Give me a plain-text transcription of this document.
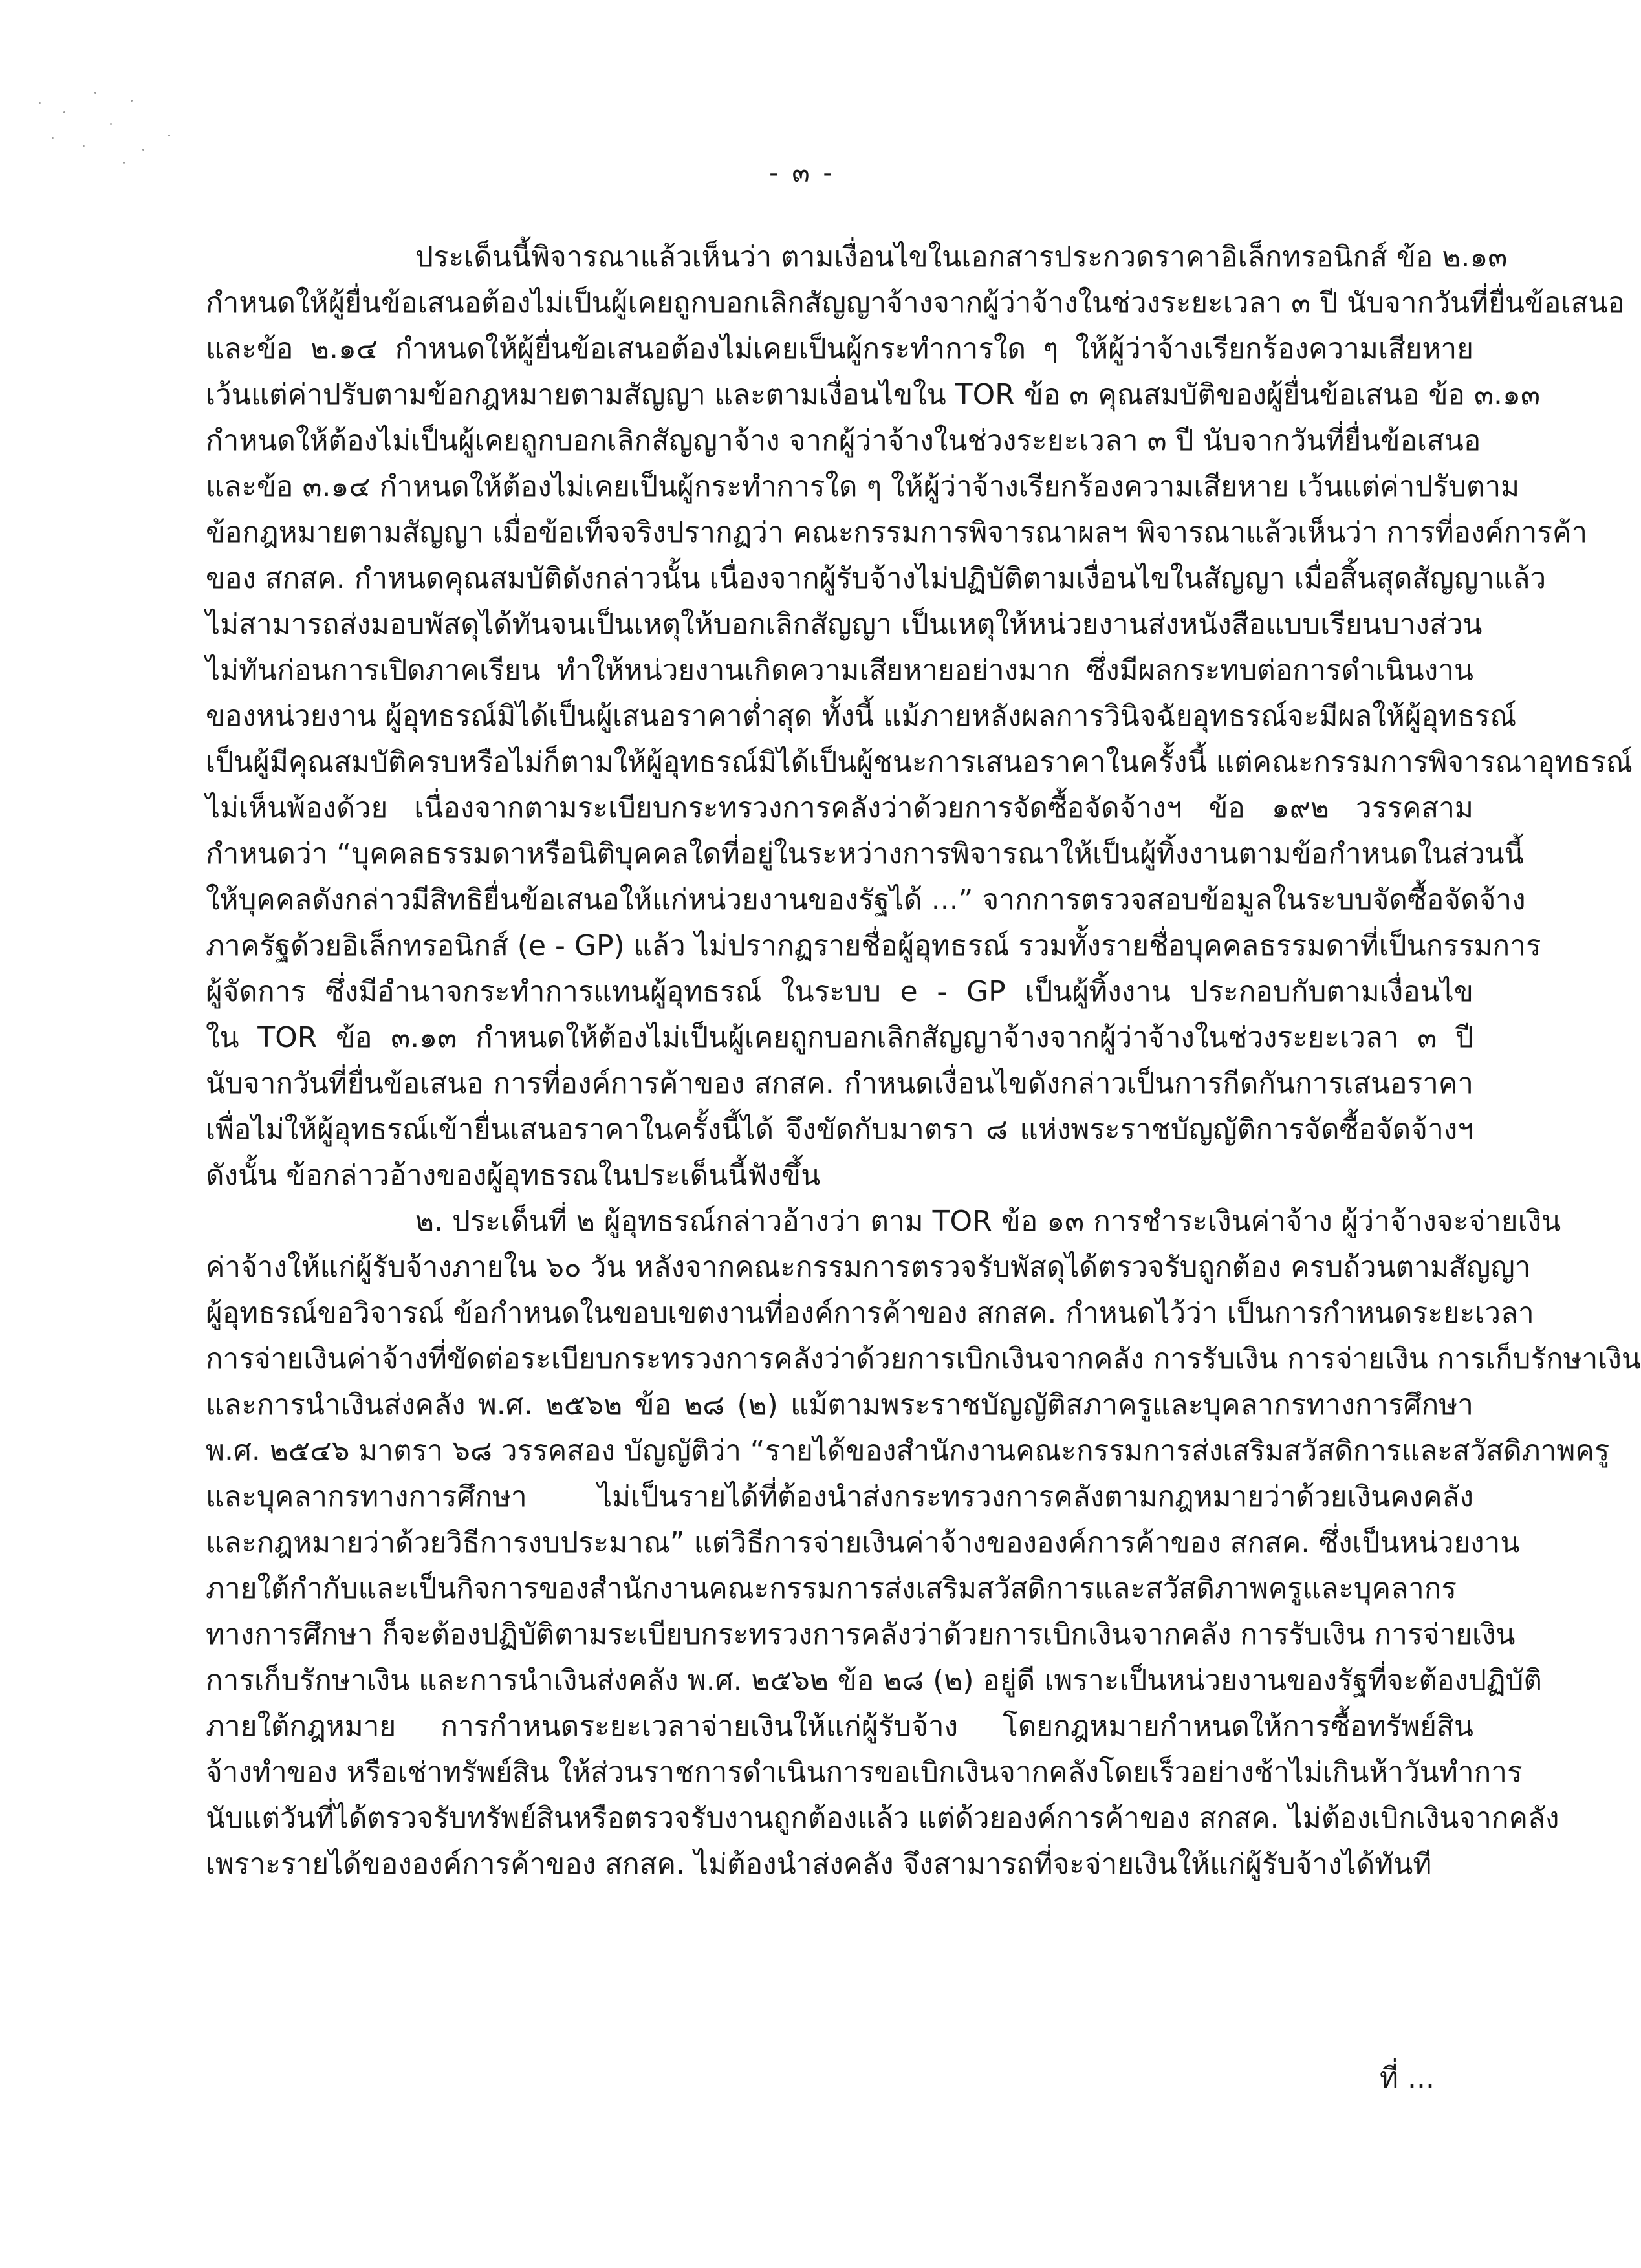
- ๓ -
ประเด็นนี้พิจารณาแล้วเห็นว่า ตามเงื่อนไขในเอกสารประกวดราคาอิเล็กทรอนิกส์ ข้อ ๒.๑๓
กำหนดให้ผู้ยื่นข้อเสนอต้องไม่เป็นผู้เคยถูกบอกเลิกสัญญาจ้างจากผู้ว่าจ้างในช่วงระยะเวลา ๓ ปี นับจากวันที่ยื่นข้อเสนอ
และข้อ ๒.๑๔ กำหนดให้ผู้ยื่นข้อเสนอต้องไม่เคยเป็นผู้กระทำการใด ๆ ให้ผู้ว่าจ้างเรียกร้องความเสียหาย
เว้นแต่ค่าปรับตามข้อกฎหมายตามสัญญา และตามเงื่อนไขใน TOR ข้อ ๓ คุณสมบัติของผู้ยื่นข้อเสนอ ข้อ ๓.๑๓
กำหนดให้ต้องไม่เป็นผู้เคยถูกบอกเลิกสัญญาจ้าง จากผู้ว่าจ้างในช่วงระยะเวลา ๓ ปี นับจากวันที่ยื่นข้อเสนอ
และข้อ ๓.๑๔ กำหนดให้ต้องไม่เคยเป็นผู้กระทำการใด ๆ ให้ผู้ว่าจ้างเรียกร้องความเสียหาย เว้นแต่ค่าปรับตาม
ข้อกฎหมายตามสัญญา เมื่อข้อเท็จจริงปรากฏว่า คณะกรรมการพิจารณาผลฯ พิจารณาแล้วเห็นว่า การที่องค์การค้า
ของ สกสค. กำหนดคุณสมบัติดังกล่าวนั้น เนื่องจากผู้รับจ้างไม่ปฏิบัติตามเงื่อนไขในสัญญา เมื่อสิ้นสุดสัญญาแล้ว
ไม่สามารถส่งมอบพัสดุได้ทันจนเป็นเหตุให้บอกเลิกสัญญา เป็นเหตุให้หน่วยงานส่งหนังสือแบบเรียนบางส่วน
ไม่ทันก่อนการเปิดภาคเรียน ทำให้หน่วยงานเกิดความเสียหายอย่างมาก ซึ่งมีผลกระทบต่อการดำเนินงาน
ของหน่วยงาน ผู้อุทธรณ์มิได้เป็นผู้เสนอราคาต่ำสุด ทั้งนี้ แม้ภายหลังผลการวินิจฉัยอุทธรณ์จะมีผลให้ผู้อุทธรณ์
เป็นผู้มีคุณสมบัติครบหรือไม่ก็ตามให้ผู้อุทธรณ์มิได้เป็นผู้ชนะการเสนอราคาในครั้งนี้ แต่คณะกรรมการพิจารณาอุทธรณ์
ไม่เห็นพ้องด้วย เนื่องจากตามระเบียบกระทรวงการคลังว่าด้วยการจัดซื้อจัดจ้างฯ ข้อ ๑๙๒ วรรคสาม
กำหนดว่า “บุคคลธรรมดาหรือนิติบุคคลใดที่อยู่ในระหว่างการพิจารณาให้เป็นผู้ทิ้งงานตามข้อกำหนดในส่วนนี้
ให้บุคคลดังกล่าวมีสิทธิยื่นข้อเสนอให้แก่หน่วยงานของรัฐได้ ...” จากการตรวจสอบข้อมูลในระบบจัดซื้อจัดจ้าง
ภาครัฐด้วยอิเล็กทรอนิกส์ (e - GP) แล้ว ไม่ปรากฏรายชื่อผู้อุทธรณ์ รวมทั้งรายชื่อบุคคลธรรมดาที่เป็นกรรมการ
ผู้จัดการ ซึ่งมีอำนาจกระทำการแทนผู้อุทธรณ์ ในระบบ e - GP เป็นผู้ทิ้งงาน ประกอบกับตามเงื่อนไข
ใน TOR ข้อ ๓.๑๓ กำหนดให้ต้องไม่เป็นผู้เคยถูกบอกเลิกสัญญาจ้างจากผู้ว่าจ้างในช่วงระยะเวลา ๓ ปี
นับจากวันที่ยื่นข้อเสนอ การที่องค์การค้าของ สกสค. กำหนดเงื่อนไขดังกล่าวเป็นการกีดกันการเสนอราคา
เพื่อไม่ให้ผู้อุทธรณ์เข้ายื่นเสนอราคาในครั้งนี้ได้ จึงขัดกับมาตรา ๘ แห่งพระราชบัญญัติการจัดซื้อจัดจ้างฯ
ดังนั้น ข้อกล่าวอ้างของผู้อุทธรณในประเด็นนี้ฟังขึ้น
๒. ประเด็นที่ ๒ ผู้อุทธรณ์กล่าวอ้างว่า ตาม TOR ข้อ ๑๓ การชำระเงินค่าจ้าง ผู้ว่าจ้างจะจ่ายเงิน
ค่าจ้างให้แก่ผู้รับจ้างภายใน ๖๐ วัน หลังจากคณะกรรมการตรวจรับพัสดุได้ตรวจรับถูกต้อง ครบถ้วนตามสัญญา
ผู้อุทธรณ์ขอวิจารณ์ ข้อกำหนดในขอบเขตงานที่องค์การค้าของ สกสค. กำหนดไว้ว่า เป็นการกำหนดระยะเวลา
การจ่ายเงินค่าจ้างที่ขัดต่อระเบียบกระทรวงการคลังว่าด้วยการเบิกเงินจากคลัง การรับเงิน การจ่ายเงิน การเก็บรักษาเงิน
และการนำเงินส่งคลัง พ.ศ. ๒๕๖๒ ข้อ ๒๘ (๒) แม้ตามพระราชบัญญัติสภาครูและบุคลากรทางการศึกษา
พ.ศ. ๒๕๔๖ มาตรา ๖๘ วรรคสอง บัญญัติว่า “รายได้ของสำนักงานคณะกรรมการส่งเสริมสวัสดิการและสวัสดิภาพครู
และบุคลากรทางการศึกษา ไม่เป็นรายได้ที่ต้องนำส่งกระทรวงการคลังตามกฎหมายว่าด้วยเงินคงคลัง
และกฎหมายว่าด้วยวิธีการงบประมาณ” แต่วิธีการจ่ายเงินค่าจ้างขององค์การค้าของ สกสค. ซึ่งเป็นหน่วยงาน
ภายใต้กำกับและเป็นกิจการของสำนักงานคณะกรรมการส่งเสริมสวัสดิการและสวัสดิภาพครูและบุคลากร
ทางการศึกษา ก็จะต้องปฏิบัติตามระเบียบกระทรวงการคลังว่าด้วยการเบิกเงินจากคลัง การรับเงิน การจ่ายเงิน
การเก็บรักษาเงิน และการนำเงินส่งคลัง พ.ศ. ๒๕๖๒ ข้อ ๒๘ (๒) อยู่ดี เพราะเป็นหน่วยงานของรัฐที่จะต้องปฏิบัติ
ภายใต้กฎหมาย การกำหนดระยะเวลาจ่ายเงินให้แก่ผู้รับจ้าง โดยกฎหมายกำหนดให้การซื้อทรัพย์สิน
จ้างทำของ หรือเช่าทรัพย์สิน ให้ส่วนราชการดำเนินการขอเบิกเงินจากคลังโดยเร็วอย่างช้าไม่เกินห้าวันทำการ
นับแต่วันที่ได้ตรวจรับทรัพย์สินหรือตรวจรับงานถูกต้องแล้ว แต่ด้วยองค์การค้าของ สกสค. ไม่ต้องเบิกเงินจากคลัง
เพราะรายได้ขององค์การค้าของ สกสค. ไม่ต้องนำส่งคลัง จึงสามารถที่จะจ่ายเงินให้แก่ผู้รับจ้างได้ทันที
ที่ ...
